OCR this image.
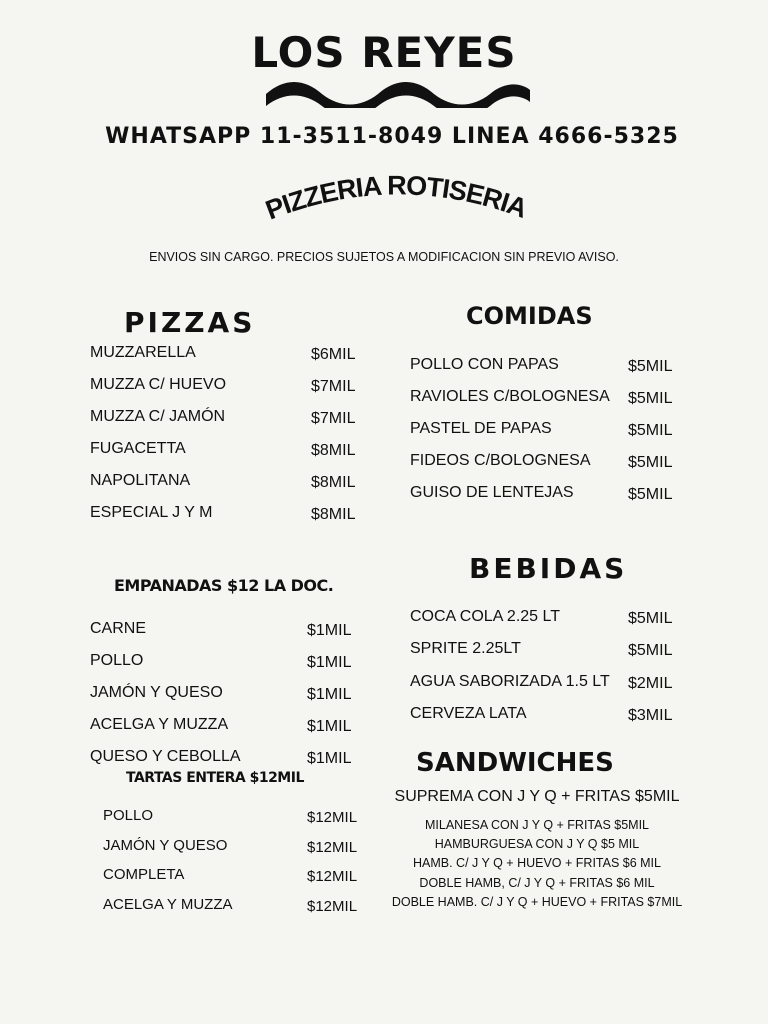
LOS REYES
WHATSAPP 11-3511-8049 LINEA 4666-5325
PIZZERIA ROTISERIA
ENVIOS SIN CARGO. PRECIOS SUJETOS A MODIFICACION SIN PREVIO AVISO.
PIZZAS
MUZZARELLA	$6MIL
MUZZA C/ HUEVO	$7MIL
MUZZA C/ JAMÓN	$7MIL
FUGACETTA	$8MIL
NAPOLITANA	$8MIL
ESPECIAL J Y M	$8MIL
EMPANADAS $12 LA DOC.
CARNE	$1MIL
POLLO	$1MIL
JAMÓN Y QUESO	$1MIL
ACELGA Y MUZZA	$1MIL
QUESO Y CEBOLLA	$1MIL
TARTAS ENTERA $12MIL
POLLO	$12MIL
JAMÓN Y QUESO	$12MIL
COMPLETA	$12MIL
ACELGA Y MUZZA	$12MIL
COMIDAS
POLLO CON PAPAS	$5MIL
RAVIOLES C/BOLOGNESA $5MIL
PASTEL DE PAPAS	$5MIL
FIDEOS C/BOLOGNESA $5MIL
GUISO DE LENTEJAS	$5MIL
BEBIDAS
COCA COLA 2.25 LT	$5MIL
SPRITE 2.25LT	$5MIL
AGUA SABORIZADA 1.5 LT $2MIL
CERVEZA LATA	$3MIL
SANDWICHES
SUPREMA CON J Y Q + FRITAS $5MIL
MILANESA CON J Y Q + FRITAS $5MIL
HAMBURGUESA CON J Y Q $5 MIL
HAMB. C/ J Y Q + HUEVO + FRITAS $6 MIL
DOBLE HAMB, C/ J Y Q + FRITAS $6 MIL
DOBLE HAMB. C/ J Y Q + HUEVO + FRITAS $7MIL
